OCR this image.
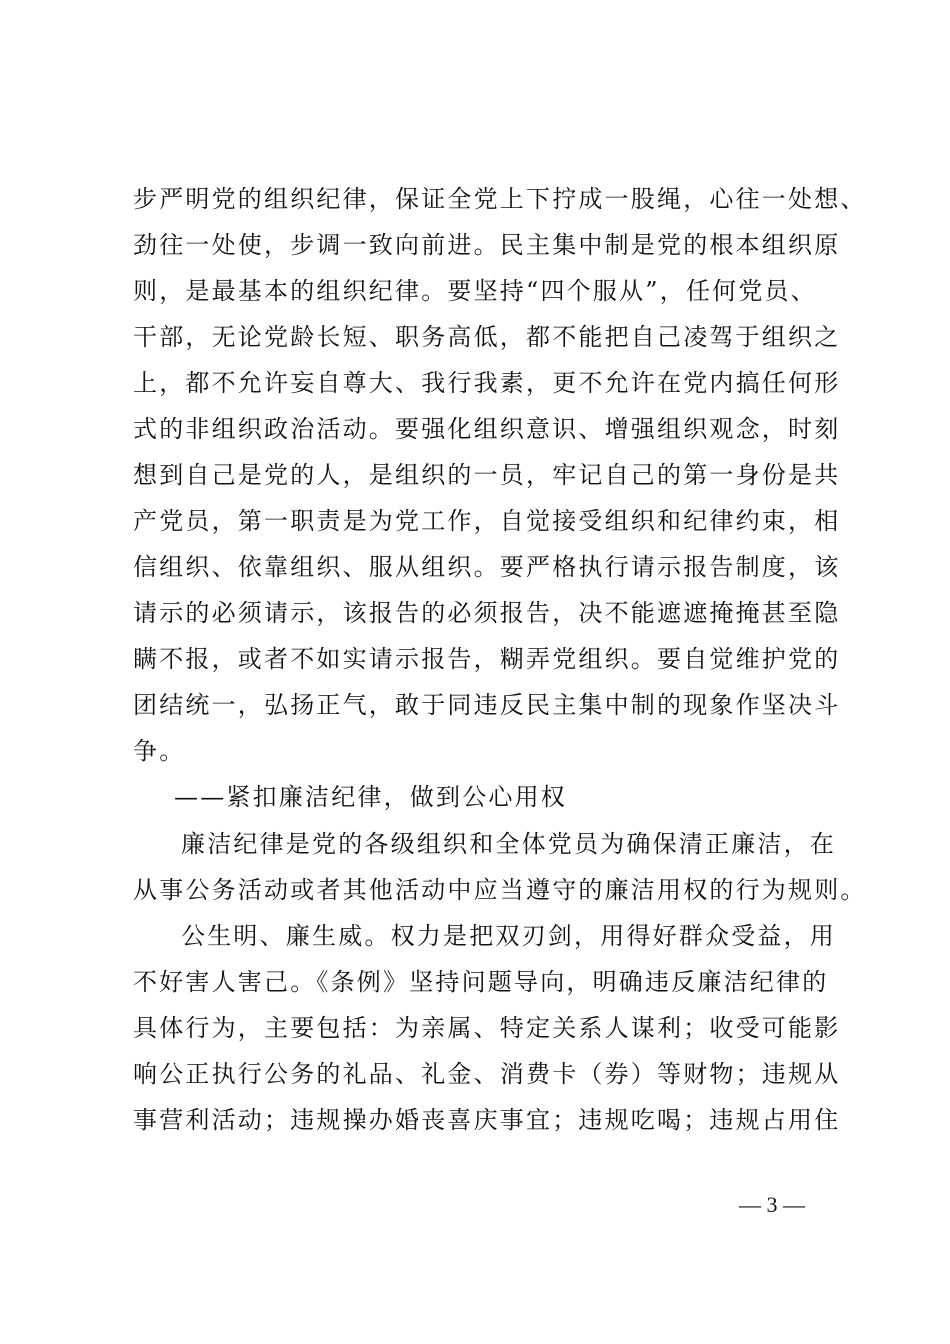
步严明党的组织纪律，保证全党上下拧成一股绳，心往一处想、
劲往一处使，步调一致向前进。民主集中制是党的根本组织原
则，是最基本的组织纪律。要坚持“四个服从”，任何党员、
干部，无论党龄长短、职务高低，都不能把自己凌驾于组织之
上，都不允许妄自尊大、我行我素，更不允许在党内搞任何形
式的非组织政治活动。要强化组织意识、增强组织观念，时刻
想到自己是党的人，是组织的一员，牢记自己的第一身份是共
产党员，第一职责是为党工作，自觉接受组织和纪律约束，相
信组织、依靠组织、服从组织。要严格执行请示报告制度，该
请示的必须请示，该报告的必须报告，决不能遮遮掩掩甚至隐
瞒不报，或者不如实请示报告，糊弄党组织。要自觉维护党的
团结统一，弘扬正气，敢于同违反民主集中制的现象作坚决斗
争。
——紧扣廉洁纪律，做到公心用权
廉洁纪律是党的各级组织和全体党员为确保清正廉洁，在
从事公务活动或者其他活动中应当遵守的廉洁用权的行为规则。
公生明、廉生威。权力是把双刃剑，用得好群众受益，用
不好害人害己。《条例》坚持问题导向，明确违反廉洁纪律的
具体行为，主要包括：为亲属、特定关系人谋利；收受可能影
响公正执行公务的礼品、礼金、消费卡（券）等财物；违规从
事营利活动；违规操办婚丧喜庆事宜；违规吃喝；违规占用住
— 3 —
